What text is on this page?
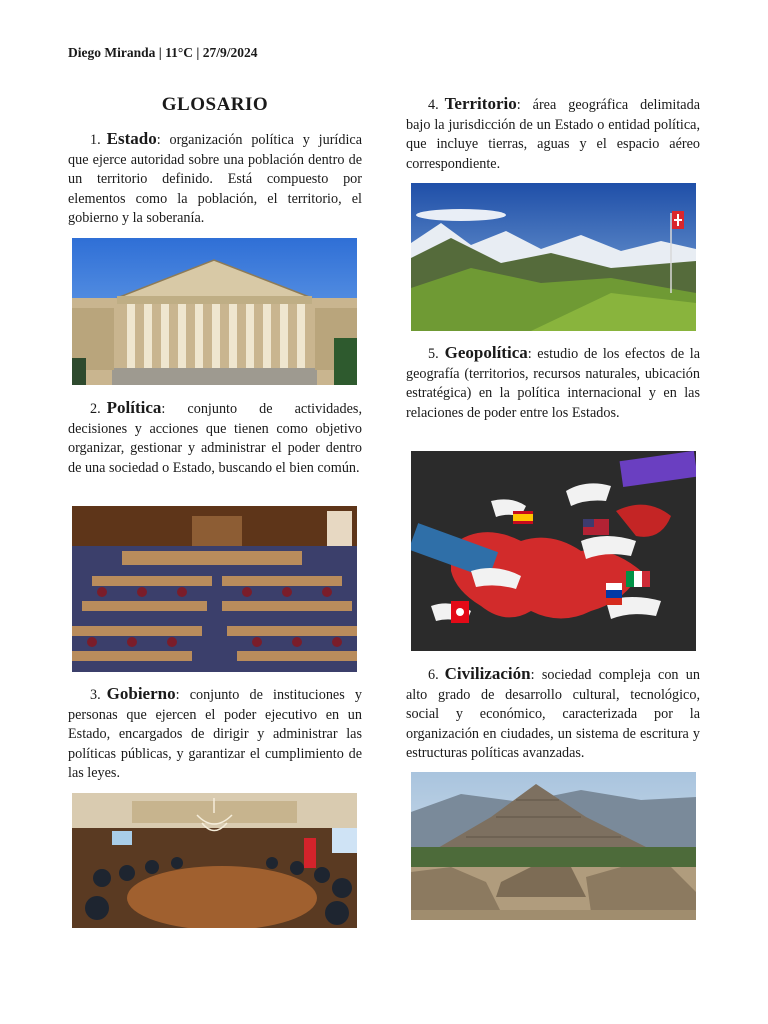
Diego Miranda | 11°C | 27/9/2024
GLOSARIO
1. Estado: organización política y jurídica que ejerce autoridad sobre una población dentro de un territorio definido. Está compuesto por elementos como la población, el territorio, el gobierno y la soberanía.
2. Política: conjunto de actividades, decisiones y acciones que tienen como objetivo organizar, gestionar y administrar el poder dentro de una sociedad o Estado, buscando el bien común.
3. Gobierno: conjunto de instituciones y personas que ejercen el poder ejecutivo en un Estado, encargados de dirigir y administrar las políticas públicas, y garantizar el cumplimiento de las leyes.
4. Territorio: área geográfica delimitada bajo la jurisdicción de un Estado o entidad política, que incluye tierras, aguas y el espacio aéreo correspondiente.
5. Geopolítica: estudio de los efectos de la geografía (territorios, recursos naturales, ubicación estratégica) en la política internacional y en las relaciones de poder entre los Estados.
6. Civilización: sociedad compleja con un alto grado de desarrollo cultural, tecnológico, social y económico, caracterizada por la organización en ciudades, un sistema de escritura y estructuras políticas avanzadas.
